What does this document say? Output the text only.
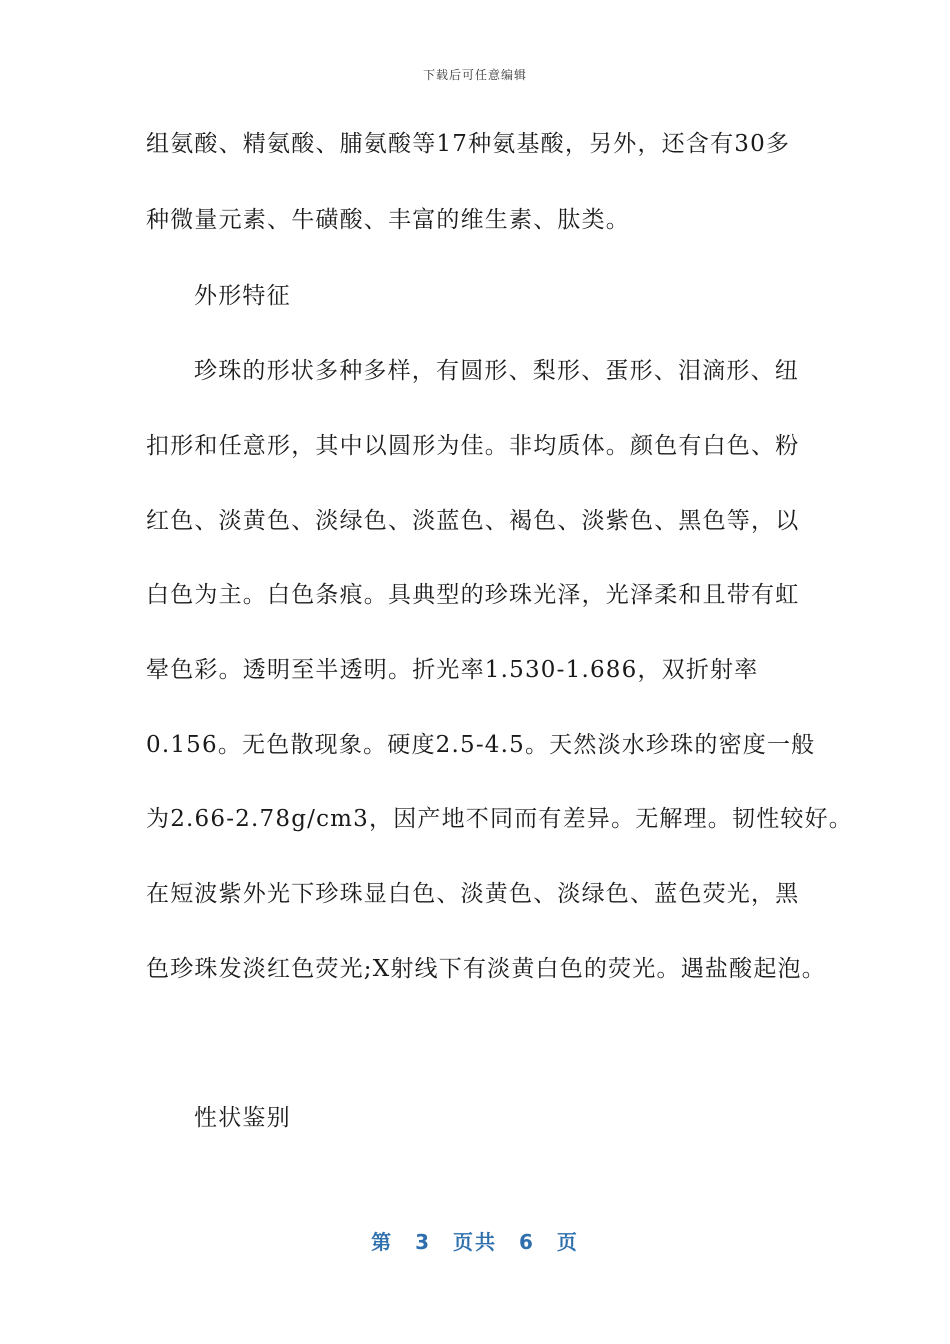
下载后可任意编辑
组氨酸、精氨酸、脯氨酸等17种氨基酸，另外，还含有30多
种微量元素、牛磺酸、丰富的维生素、肽类。
外形特征
珍珠的形状多种多样，有圆形、梨形、蛋形、泪滴形、纽
扣形和任意形，其中以圆形为佳。非均质体。颜色有白色、粉
红色、淡黄色、淡绿色、淡蓝色、褐色、淡紫色、黑色等，以
白色为主。白色条痕。具典型的珍珠光泽，光泽柔和且带有虹
晕色彩。透明至半透明。折光率1.530-1.686，双折射率
0.156。无色散现象。硬度2.5-4.5。天然淡水珍珠的密度一般
为2.66-2.78g/cm3，因产地不同而有差异。无解理。韧性较好。
在短波紫外光下珍珠显白色、淡黄色、淡绿色、蓝色荧光，黑
色珍珠发淡红色荧光;X射线下有淡黄白色的荧光。遇盐酸起泡。
性状鉴别
第 3 页共 6 页
